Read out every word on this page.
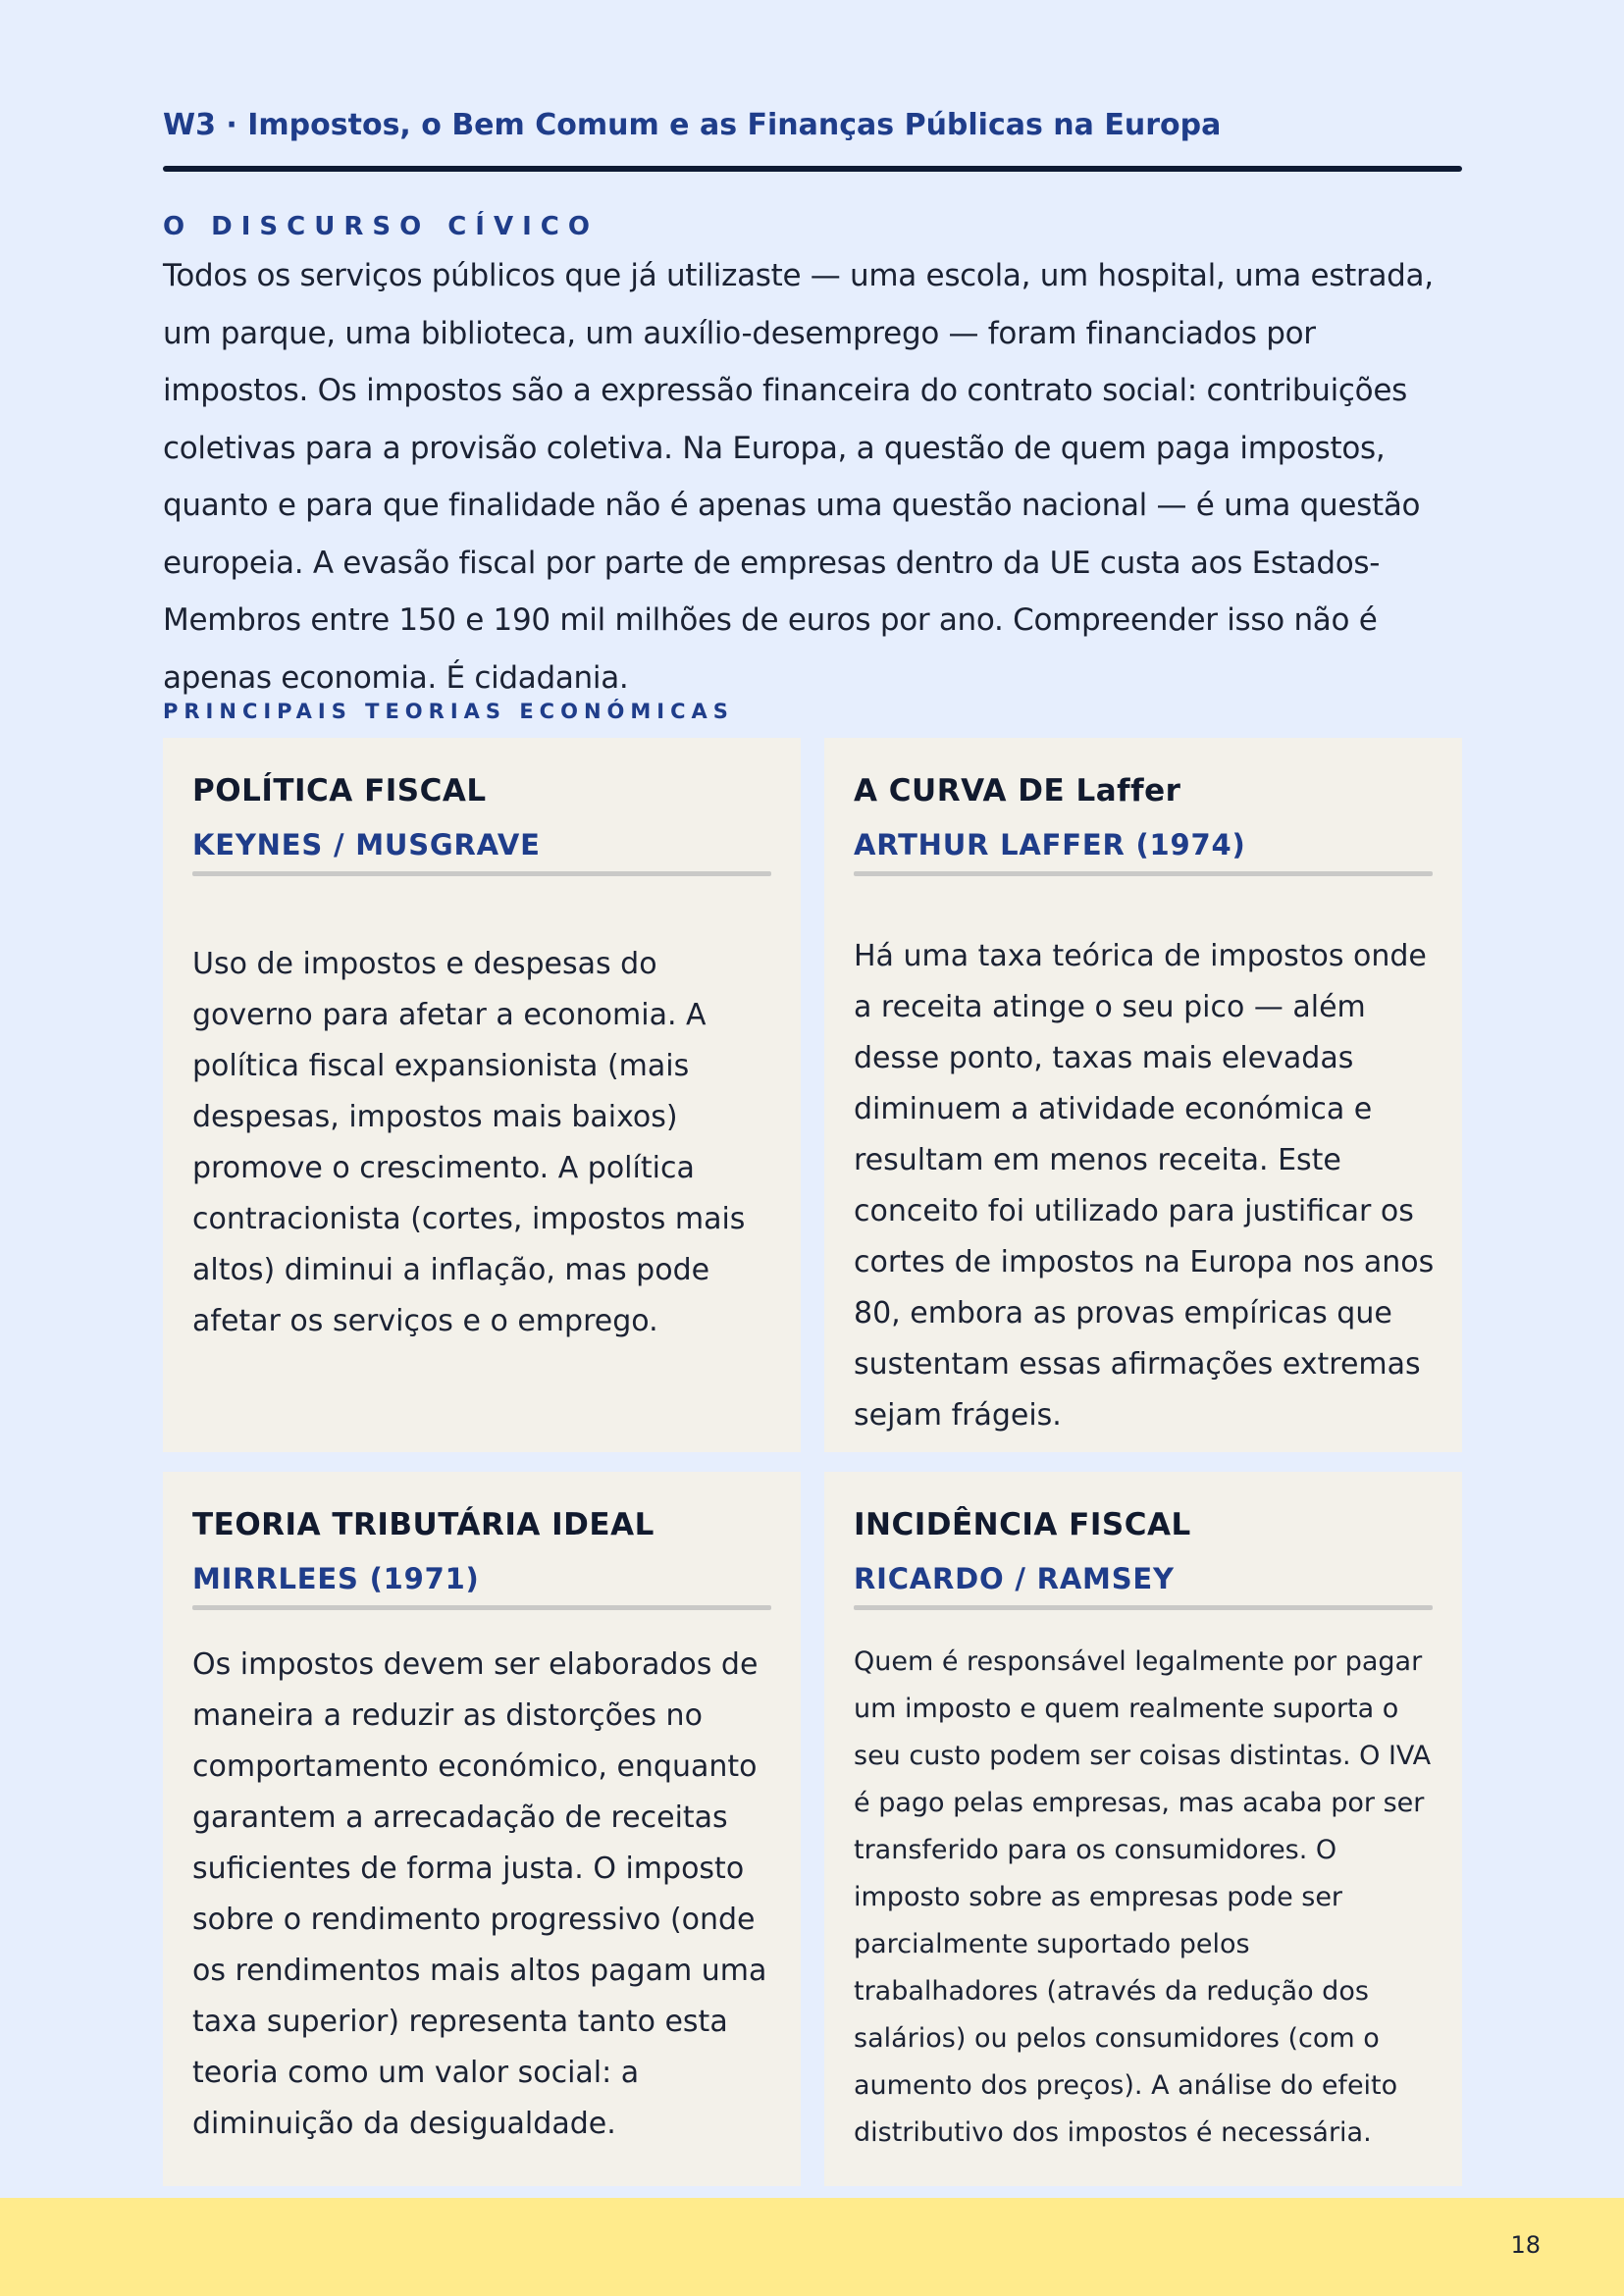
W3 · Impostos, o Bem Comum e as Finanças Públicas na Europa
O DISCURSO CÍVICO

Todos os serviços públicos que já utilizaste — uma escola, um hospital, uma estrada, um parque, uma biblioteca, um auxílio-desemprego — foram financiados por impostos. Os impostos são a expressão financeira do contrato social: contribuições coletivas para a provisão coletiva. Na Europa, a questão de quem paga impostos, quanto e para que finalidade não é apenas uma questão nacional — é uma questão europeia. A evasão fiscal por parte de empresas dentro da UE custa aos Estados-Membros entre 150 e 190 mil milhões de euros por ano. Compreender isso não é apenas economia. É cidadania.

PRINCIPAIS TEORIAS ECONÓMICAS
POLÍTICA FISCAL
KEYNES / MUSGRAVE

Uso de impostos e despesas do governo para afetar a economia. A política fiscal expansionista (mais despesas, impostos mais baixos) promove o crescimento. A política contracionista (cortes, impostos mais altos) diminui a inflação, mas pode afetar os serviços e o emprego.

A CURVA DE Laffer
ARTHUR LAFFER (1974)

Há uma taxa teórica de impostos onde a receita atinge o seu pico — além desse ponto, taxas mais elevadas diminuem a atividade económica e resultam em menos receita. Este conceito foi utilizado para justificar os cortes de impostos na Europa nos anos 80, embora as provas empíricas que sustentam essas afirmações extremas sejam frágeis.

TEORIA TRIBUTÁRIA IDEAL
MIRRLEES (1971)

Os impostos devem ser elaborados de maneira a reduzir as distorções no comportamento económico, enquanto garantem a arrecadação de receitas suficientes de forma justa. O imposto sobre o rendimento progressivo (onde os rendimentos mais altos pagam uma taxa superior) representa tanto esta teoria como um valor social: a diminuição da desigualdade.

INCIDÊNCIA FISCAL
RICARDO / RAMSEY

Quem é responsável legalmente por pagar um imposto e quem realmente suporta o seu custo podem ser coisas distintas. O IVA é pago pelas empresas, mas acaba por ser transferido para os consumidores. O imposto sobre as empresas pode ser parcialmente suportado pelos trabalhadores (através da redução dos salários) ou pelos consumidores (com o aumento dos preços). A análise do efeito distributivo dos impostos é necessária.

18
